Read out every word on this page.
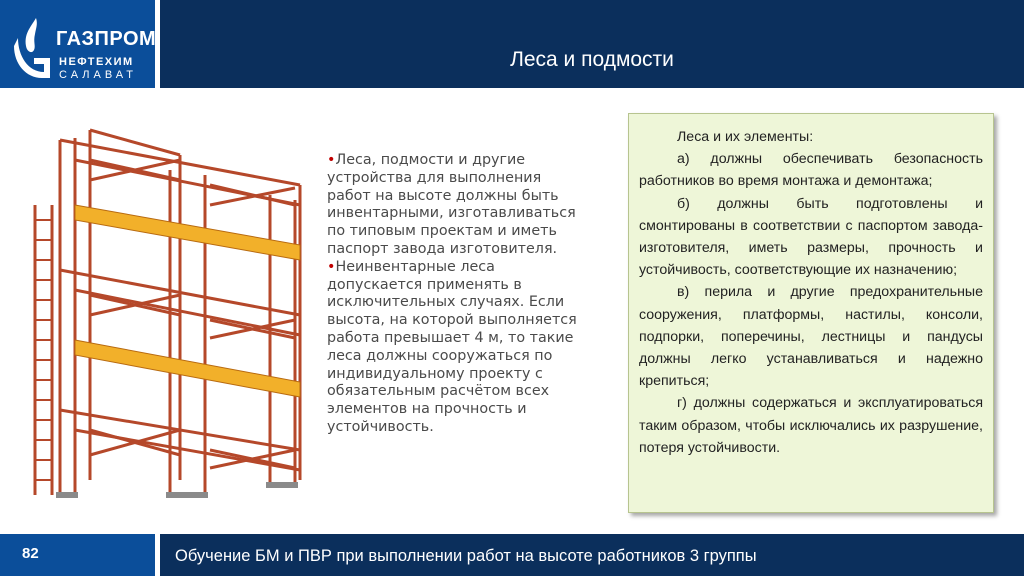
Леса и подмости
ГАЗПРОМ
НЕФТЕХИМ
САЛАВАТ

•Леса, подмости и другие устройства для выполнения работ на высоте должны быть инвентарными, изготавливаться по типовым проектам и иметь паспорт завода изготовителя.

•Неинвентарные леса допускается применять в исключительных случаях. Если высота, на которой выполняется работа превышает 4 м, то такие леса должны сооружаться по индивидуальному проекту с обязательным расчётом всех элементов на прочность и устойчивость.

Леса и их элементы:

а) должны обеспечивать безопасность работников во время монтажа и демонтажа;

б) должны быть подготовлены и смонтированы в соответствии с паспортом завода-изготовителя, иметь размеры, прочность и устойчивость, соответствующие их назначению;

в) перила и другие предохранительные сооружения, платформы, настилы, консоли, подпорки, поперечины, лестницы и пандусы должны легко устанавливаться и надежно крепиться;

г) должны содержаться и эксплуатироваться таким образом, чтобы исключались их разрушение, потеря устойчивости.

82	Обучение БМ и ПВР при выполнении работ на высоте работников 3 группы
